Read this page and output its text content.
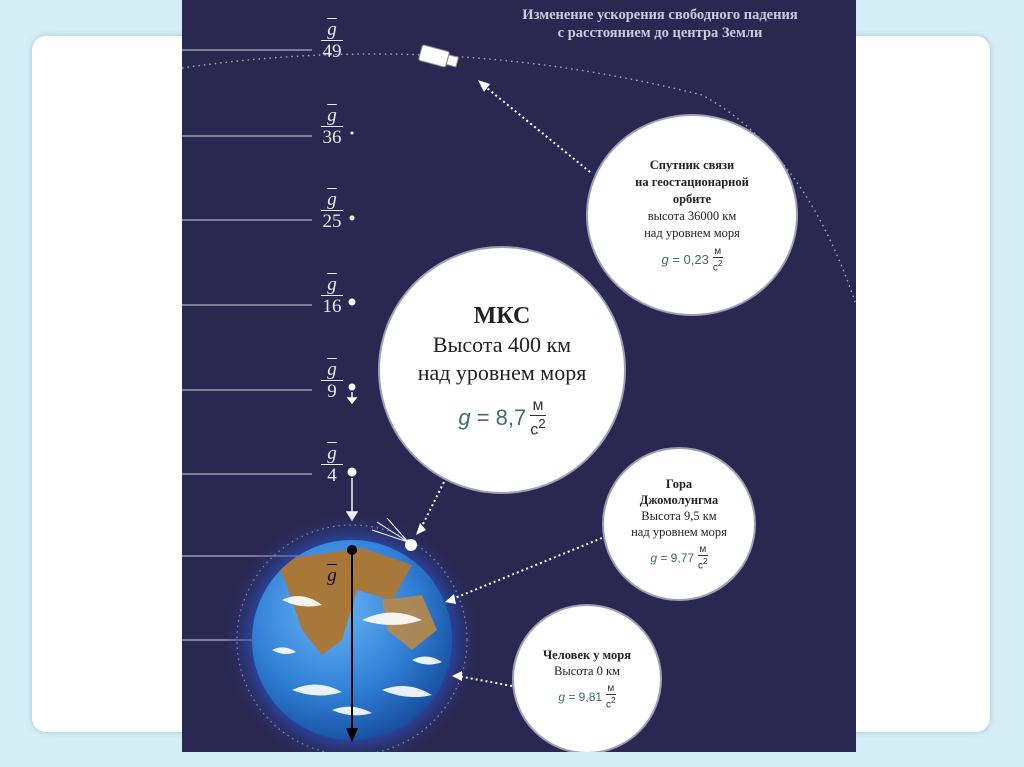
Изменение ускорения свободного падения
с расстоянием до центра Земли
$\overline{g}$
49
$\overline{g}$
36
$\overline{g}$
25
$\overline{g}$
16
$\overline{g}$
9
$\overline{g}$
4
$\overline{g}$
Спутник связи
на геостационарной
орбите
высота 36000 км
над уровнем моря
g
= 0,23
м
$с^2$
МКС
Высота 400 км
над уровнем моря
g
= 8,7 м
$с^2$
Гора
Джомолунгма
Высота 9,5 км
над уровнем моря
g
= 9,77
м
$с^2$
Человек у моря
Высота 0 км
g
= 9,81
м
$с^2$
